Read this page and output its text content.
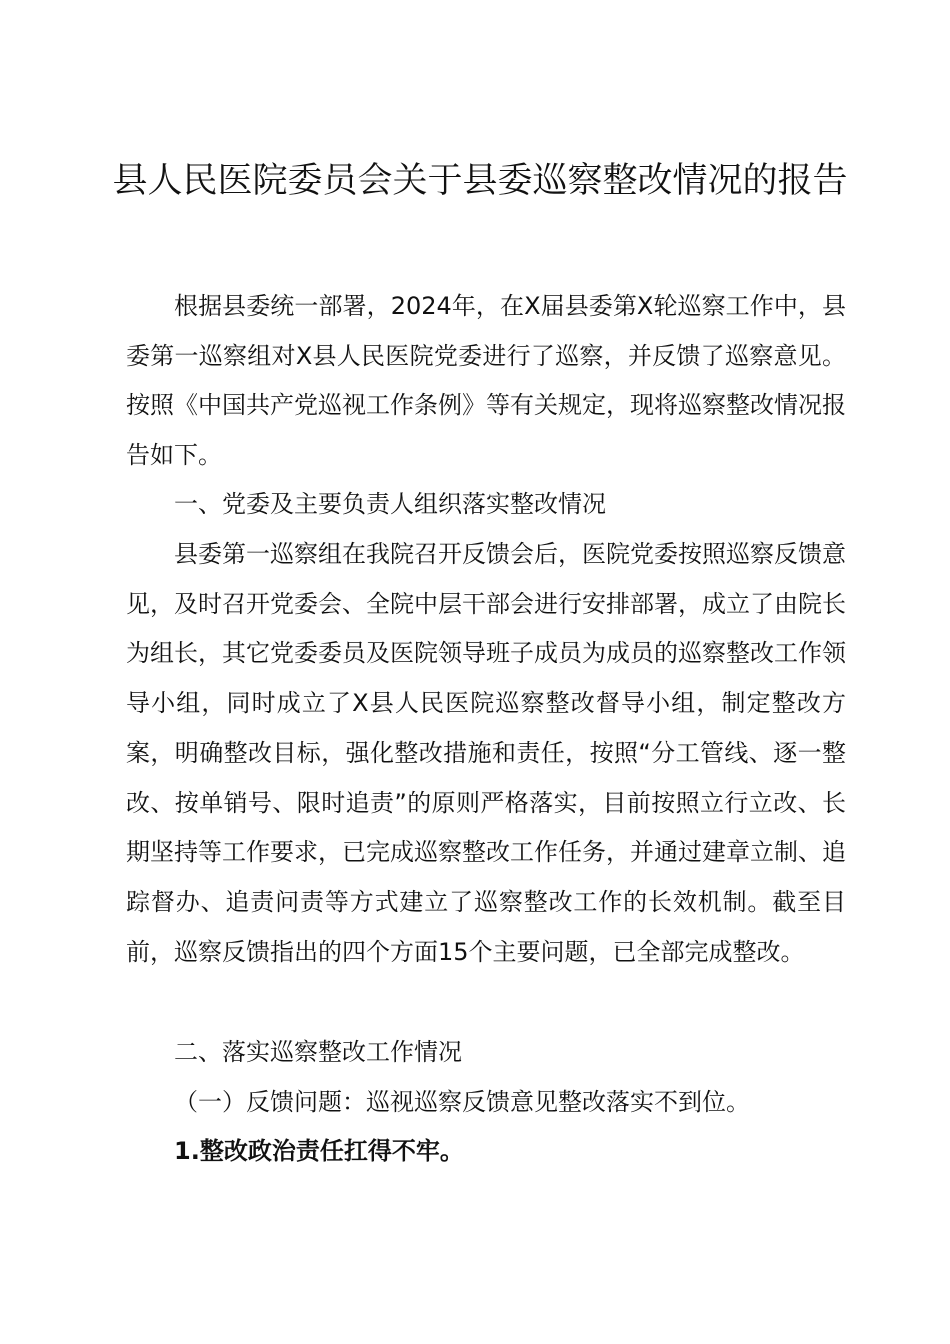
县人民医院委员会关于县委巡察整改情况的报告

根据县委统一部署，2024年，在X届县委第X轮巡察工作中，县委第一巡察组对X县人民医院党委进行了巡察，并反馈了巡察意见。按照《中国共产党巡视工作条例》等有关规定，现将巡察整改情况报告如下。

一、党委及主要负责人组织落实整改情况

县委第一巡察组在我院召开反馈会后，医院党委按照巡察反馈意见，及时召开党委会、全院中层干部会进行安排部署，成立了由院长为组长，其它党委委员及医院领导班子成员为成员的巡察整改工作领导小组，同时成立了X县人民医院巡察整改督导小组，制定整改方案，明确整改目标，强化整改措施和责任，按照“分工管线、逐一整改、按单销号、限时追责”的原则严格落实，目前按照立行立改、长期坚持等工作要求，已完成巡察整改工作任务，并通过建章立制、追踪督办、追责问责等方式建立了巡察整改工作的长效机制。截至目前，巡察反馈指出的四个方面15个主要问题，已全部完成整改。

二、落实巡察整改工作情况

（一）反馈问题：巡视巡察反馈意见整改落实不到位。

1.整改政治责任扛得不牢。
